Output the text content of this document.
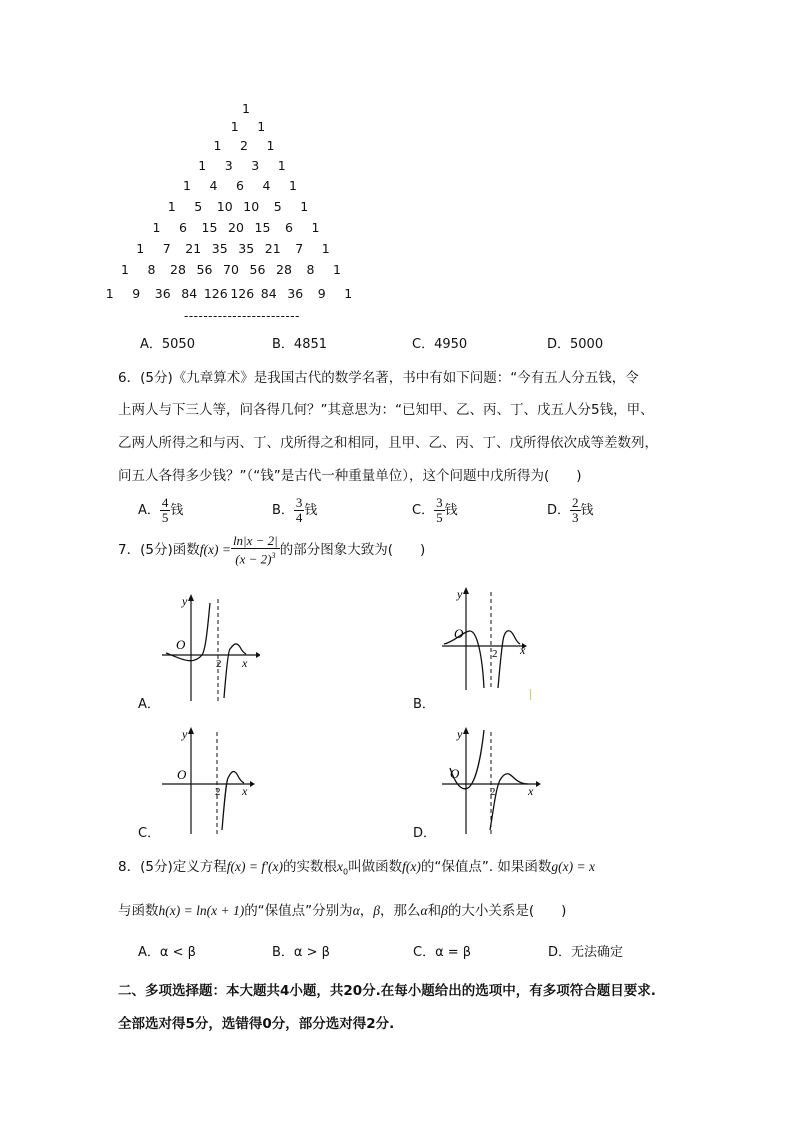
1
1 1
1 2 1
1 3 3 1
1 4 6 4 1
1 5 10 10 5 1
1 6 15 20 15 6 1
1 7 21 35 35 21 7 1
1 8 28 56 70 56 28 8 1
1 9 36 84 126 126 84 36 9 1
------------------------
A．5050	B．4851	C．4950	D．5000
6．(5分)《九章算术》是我国古代的数学名著，书中有如下问题：“今有五人分五钱，令
上两人与下三人等，问各得几何？”其意思为：“已知甲、乙、丙、丁、戊五人分5钱，甲、
乙两人所得之和与丙、丁、戊所得之和相同，且甲、乙、丙、丁、戊所得依次成等差数列，
问五人各得多少钱？”（“钱”是古代一种重量单位），这个问题中戊所得为(　　)
A． $\frac{4}{5}$ 钱	B． $\frac{3}{4}$ 钱	C． $\frac{3}{5}$ 钱	D． $\frac{2}{3}$ 钱
7．(5分)函数$f(x) = \frac{\ln|x - 2|}{(x - 2)^3}$ 的部分图象大致为(　　)
y
x
O
2
A．
y
x
O
2
B．
y
x
O
2
C．
y
x
O
2
D．
8．(5分)定义方程f(x) = f′(x)的实数根$x_0$叫做函数f(x)的“保值点”. 如果函数g(x) = x
与函数h(x) = ln(x + 1)的“保值点”分别为α，β，那么α和β的大小关系是(　　)
A．α < β	B．α > β	C．α = β	D．无法确定
二、多项选择题：本大题共4小题，共20分.在每小题给出的选项中，有多项符合题目要求.
全部选对得5分，选错得0分，部分选对得2分.
